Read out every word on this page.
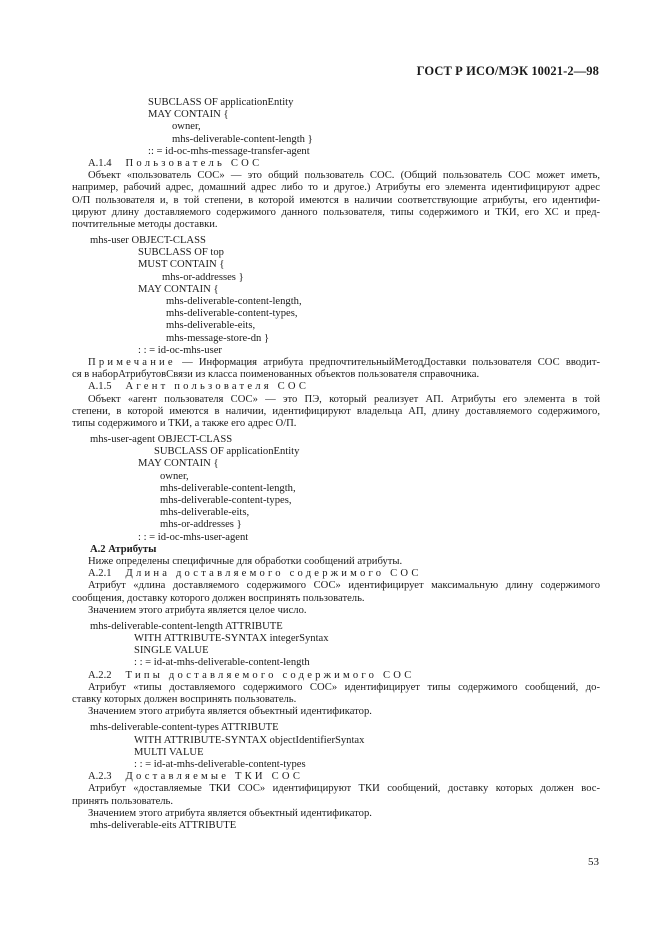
ГОСТ Р ИСО/МЭК 10021-2—98
SUBCLASS OF applicationEntity
MAY CONTAIN {
owner,
mhs-deliverable-content-length }
:: = id-oc-mhs-message-transfer-agent
A.1.4 Пользователь СОС
Объект «пользователь СОС» — это общий пользователь СОС. (Общий пользователь СОС может иметь,
например, рабочий адрес, домашний адрес либо то и другое.) Атрибуты его элемента идентифицируют адрес
О/П пользователя и, в той степени, в которой имеются в наличии соответствующие атрибуты, его идентифи-
цируют длину доставляемого содержимого данного пользователя, типы содержимого и ТКИ, его ХС и пред-
почтительные методы доставки.
mhs-user OBJECT-CLASS
SUBCLASS OF top
MUST CONTAIN {
mhs-or-addresses }
MAY CONTAIN {
mhs-deliverable-content-length,
mhs-deliverable-content-types,
mhs-deliverable-eits,
mhs-message-store-dn }
: : = id-oc-mhs-user
Примечание — Информация атрибута предпочтительныйМетодДоставки пользователя СОС вводит-
ся в наборАтрибутовСвязи из класса поименованных объектов пользователя справочника.
A.1.5 Агент пользователя СОС
Объект «агент пользователя СОС» — это ПЭ, который реализует АП. Атрибуты его элемента в той
степени, в которой имеются в наличии, идентифицируют владельца АП, длину доставляемого содержимого,
типы содержимого и ТКИ, а также его адрес О/П.
mhs-user-agent OBJECT-CLASS
SUBCLASS OF applicationEntity
MAY CONTAIN {
owner,
mhs-deliverable-content-length,
mhs-deliverable-content-types,
mhs-deliverable-eits,
mhs-or-addresses }
: : = id-oc-mhs-user-agent
A.2 Атрибуты
Ниже определены специфичные для обработки сообщений атрибуты.
A.2.1 Длина доставляемого содержимого СОС
Атрибут «длина доставляемого содержимого СОС» идентифицирует максимальную длину содержимого
сообщения, доставку которого должен воспринять пользователь.
Значением этого атрибута является целое число.
mhs-deliverable-content-length ATTRIBUTE
WITH ATTRIBUTE-SYNTAX integerSyntax
SINGLE VALUE
: : = id-at-mhs-deliverable-content-length
A.2.2 Типы доставляемого содержимого СОС
Атрибут «типы доставляемого содержимого СОС» идентифицирует типы содержимого сообщений, до-
ставку которых должен воспринять пользователь.
Значением этого атрибута является объектный идентификатор.
mhs-deliverable-content-types ATTRIBUTE
WITH ATTRIBUTE-SYNTAX objectIdentifierSyntax
MULTI VALUE
: : = id-at-mhs-deliverable-content-types
A.2.3 Доставляемые ТКИ СОС
Атрибут «доставляемые ТКИ СОС» идентифицируют ТКИ сообщений, доставку которых должен вос-
принять пользователь.
Значением этого атрибута является объектный идентификатор.
mhs-deliverable-eits ATTRIBUTE
53
